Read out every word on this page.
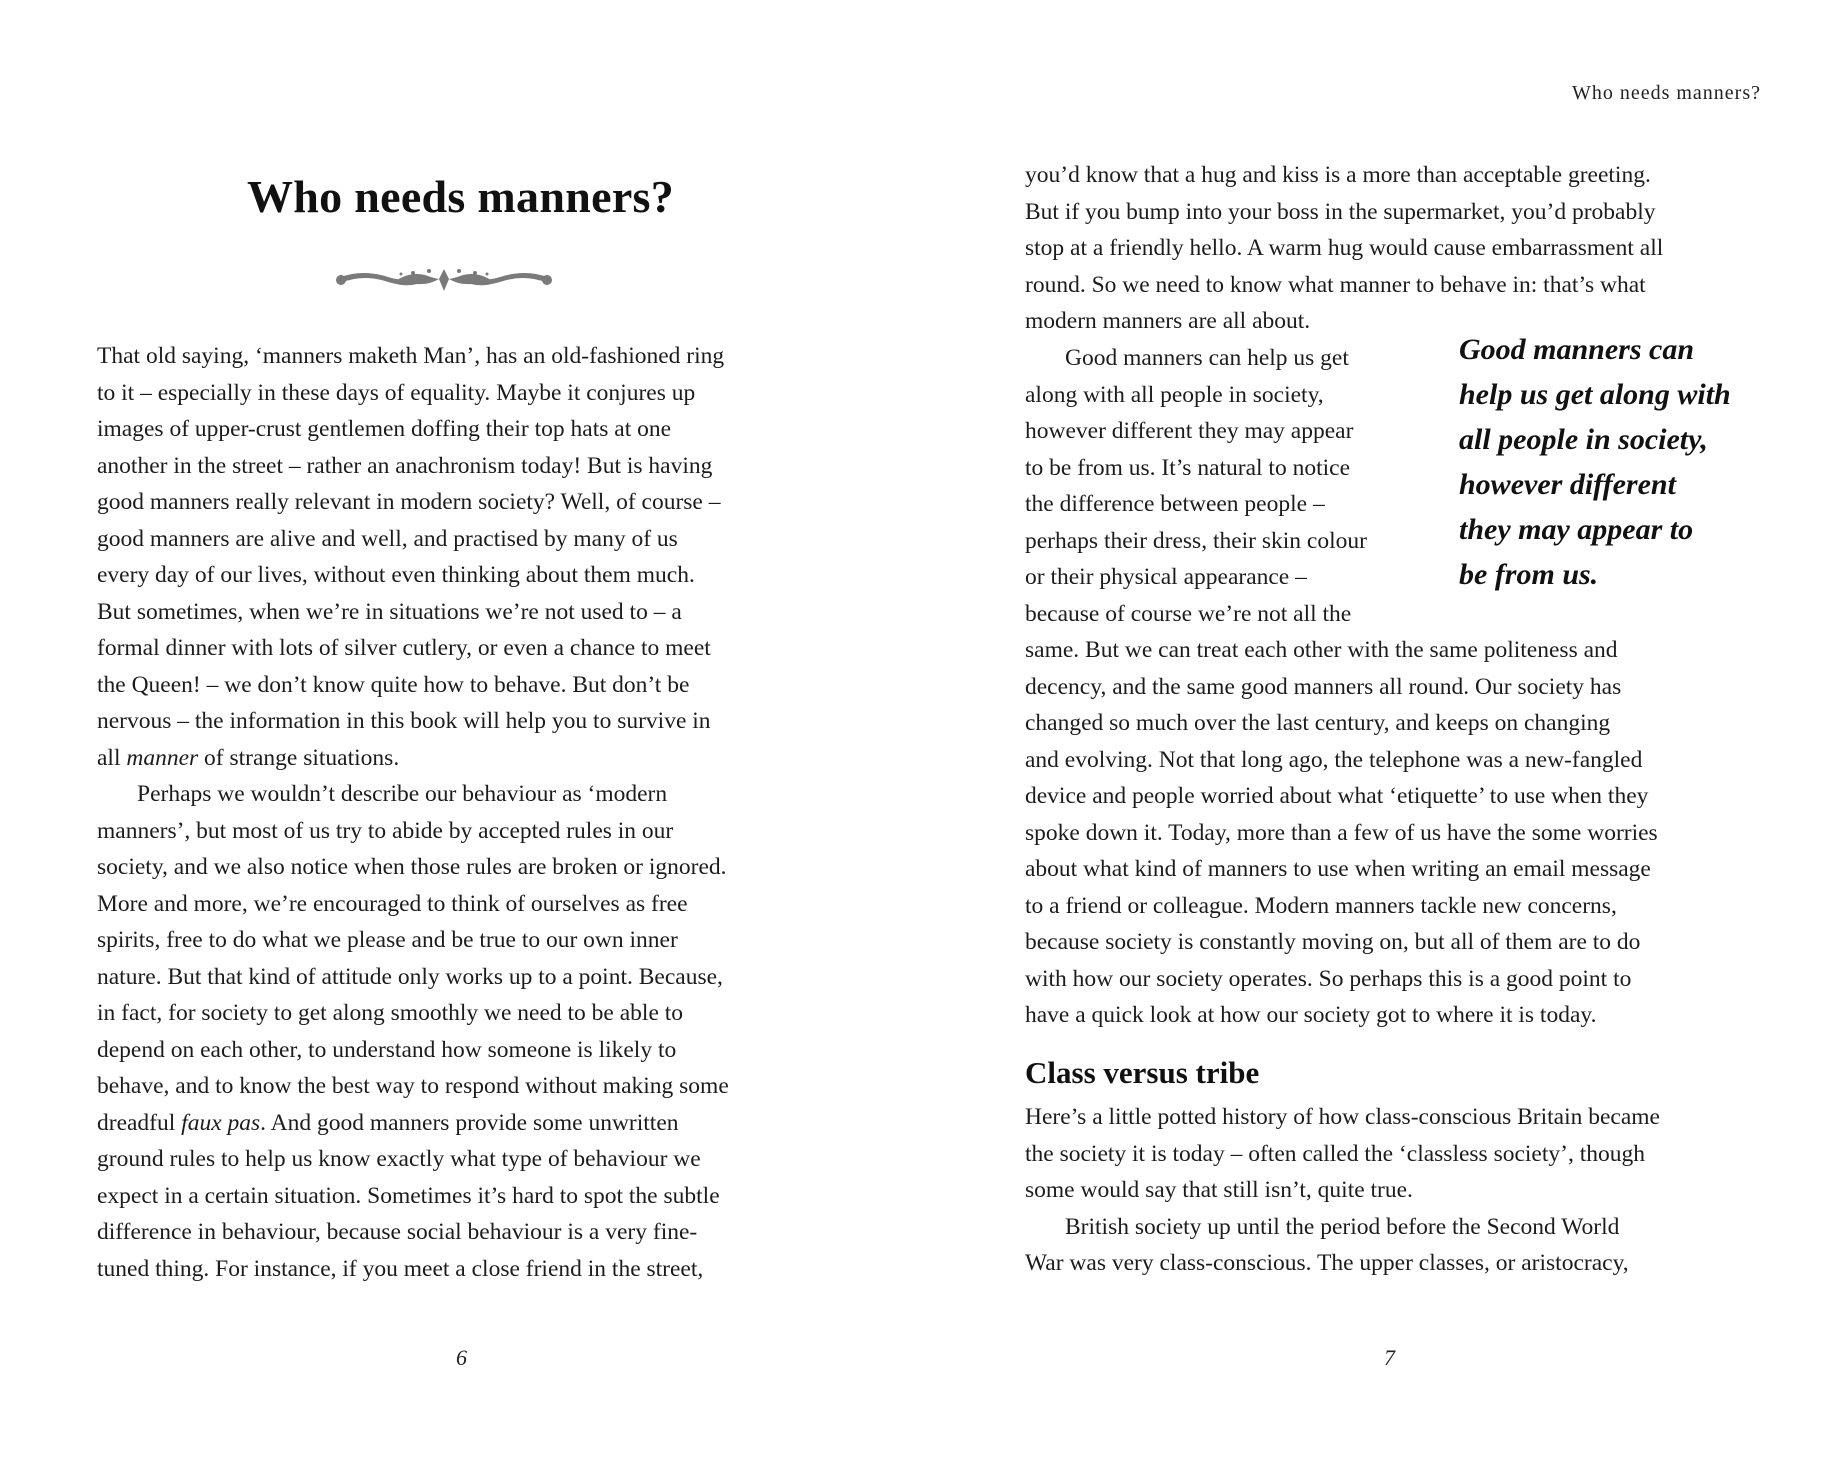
Who needs manners?
That old saying, ‘manners maketh Man’, has an old-fashioned ring
to it – especially in these days of equality. Maybe it conjures up
images of upper-crust gentlemen doffing their top hats at one
another in the street – rather an anachronism today! But is having
good manners really relevant in modern society? Well, of course –
good manners are alive and well, and practised by many of us
every day of our lives, without even thinking about them much.
But sometimes, when we’re in situations we’re not used to – a
formal dinner with lots of silver cutlery, or even a chance to meet
the Queen! – we don’t know quite how to behave. But don’t be
nervous – the information in this book will help you to survive in
all manner of strange situations.
Perhaps we wouldn’t describe our behaviour as ‘modern
manners’, but most of us try to abide by accepted rules in our
society, and we also notice when those rules are broken or ignored.
More and more, we’re encouraged to think of ourselves as free
spirits, free to do what we please and be true to our own inner
nature. But that kind of attitude only works up to a point. Because,
in fact, for society to get along smoothly we need to be able to
depend on each other, to understand how someone is likely to
behave, and to know the best way to respond without making some
dreadful faux pas. And good manners provide some unwritten
ground rules to help us know exactly what type of behaviour we
expect in a certain situation. Sometimes it’s hard to spot the subtle
difference in behaviour, because social behaviour is a very fine-
tuned thing. For instance, if you meet a close friend in the street,
6
Who needs manners?
you’d know that a hug and kiss is a more than acceptable greeting.
But if you bump into your boss in the supermarket, you’d probably
stop at a friendly hello. A warm hug would cause embarrassment all
round. So we need to know what manner to behave in: that’s what
modern manners are all about.
Good manners can help us get
along with all people in society,
however different they may appear
to be from us. It’s natural to notice
the difference between people –
perhaps their dress, their skin colour
or their physical appearance –
because of course we’re not all the
Good manners can
help us get along with
all people in society,
however different
they may appear to
be from us.
same. But we can treat each other with the same politeness and
decency, and the same good manners all round. Our society has
changed so much over the last century, and keeps on changing
and evolving. Not that long ago, the telephone was a new-fangled
device and people worried about what ‘etiquette’ to use when they
spoke down it. Today, more than a few of us have the some worries
about what kind of manners to use when writing an email message
to a friend or colleague. Modern manners tackle new concerns,
because society is constantly moving on, but all of them are to do
with how our society operates. So perhaps this is a good point to
have a quick look at how our society got to where it is today.
Class versus tribe
Here’s a little potted history of how class-conscious Britain became
the society it is today – often called the ‘classless society’, though
some would say that still isn’t, quite true.
British society up until the period before the Second World
War was very class-conscious. The upper classes, or aristocracy,
7
